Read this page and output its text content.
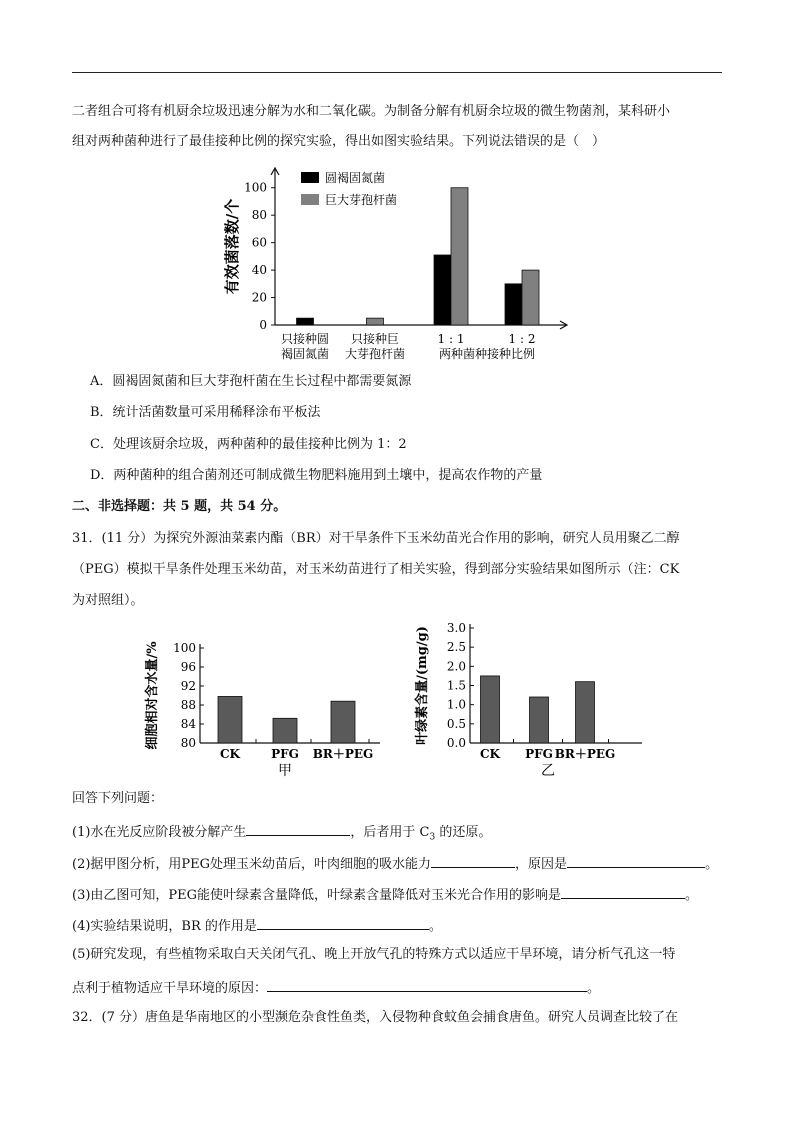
二者组合可将有机厨余垃圾迅速分解为水和二氧化碳。为制备分解有机厨余垃圾的微生物菌剂，某科研小
组对两种菌种进行了最佳接种比例的探究实验，得出如图实验结果。下列说法错误的是（　）
0
20
40
60
80
100
有效菌落数/个
圆褐固氮菌
巨大芽孢杆菌
只接种圆
褐固氮菌
只接种巨
大芽孢杆菌
1 : 1	1 : 2
两种菌种接种比例
A．圆褐固氮菌和巨大芽孢杆菌在生长过程中都需要氮源
B．统计活菌数量可采用稀释涂布平板法
C．处理该厨余垃圾，两种菌种的最佳接种比例为 1：2
D．两种菌种的组合菌剂还可制成微生物肥料施用到土壤中，提高农作物的产量
二、非选择题：共 5 题，共 54 分。
31．(11 分）为探究外源油菜素内酯（BR）对干旱条件下玉米幼苗光合作用的影响，研究人员用聚乙二醇
（PEG）模拟干旱条件处理玉米幼苗，对玉米幼苗进行了相关实验，得到部分实验结果如图所示（注：CK
为对照组）。
80
84
88
92
96
100
细胞相对含水量/%
CK	PFG BR＋PEG
甲
0.0
0.5
1.0
1.5
2.0
2.5
3.0
叶绿素含量/(mg/g)
CK PFG BR＋PEG
乙
回答下列问题：
(1)水在光反应阶段被分解产生	，后者用于 $C_3$ 的还原。
(2)据甲图分析，用PEG处理玉米幼苗后，叶肉细胞的吸水能力	，原因是	。
(3)由乙图可知，PEG能使叶绿素含量降低，叶绿素含量降低对玉米光合作用的影响是	。
(4)实验结果说明，BR 的作用是	。
(5)研究发现，有些植物采取白天关闭气孔、晚上开放气孔的特殊方式以适应干旱环境，请分析气孔这一特
点利于植物适应干旱环境的原因：	。
32．(7 分）唐鱼是华南地区的小型濒危杂食性鱼类，入侵物种食蚊鱼会捕食唐鱼。研究人员调查比较了在
